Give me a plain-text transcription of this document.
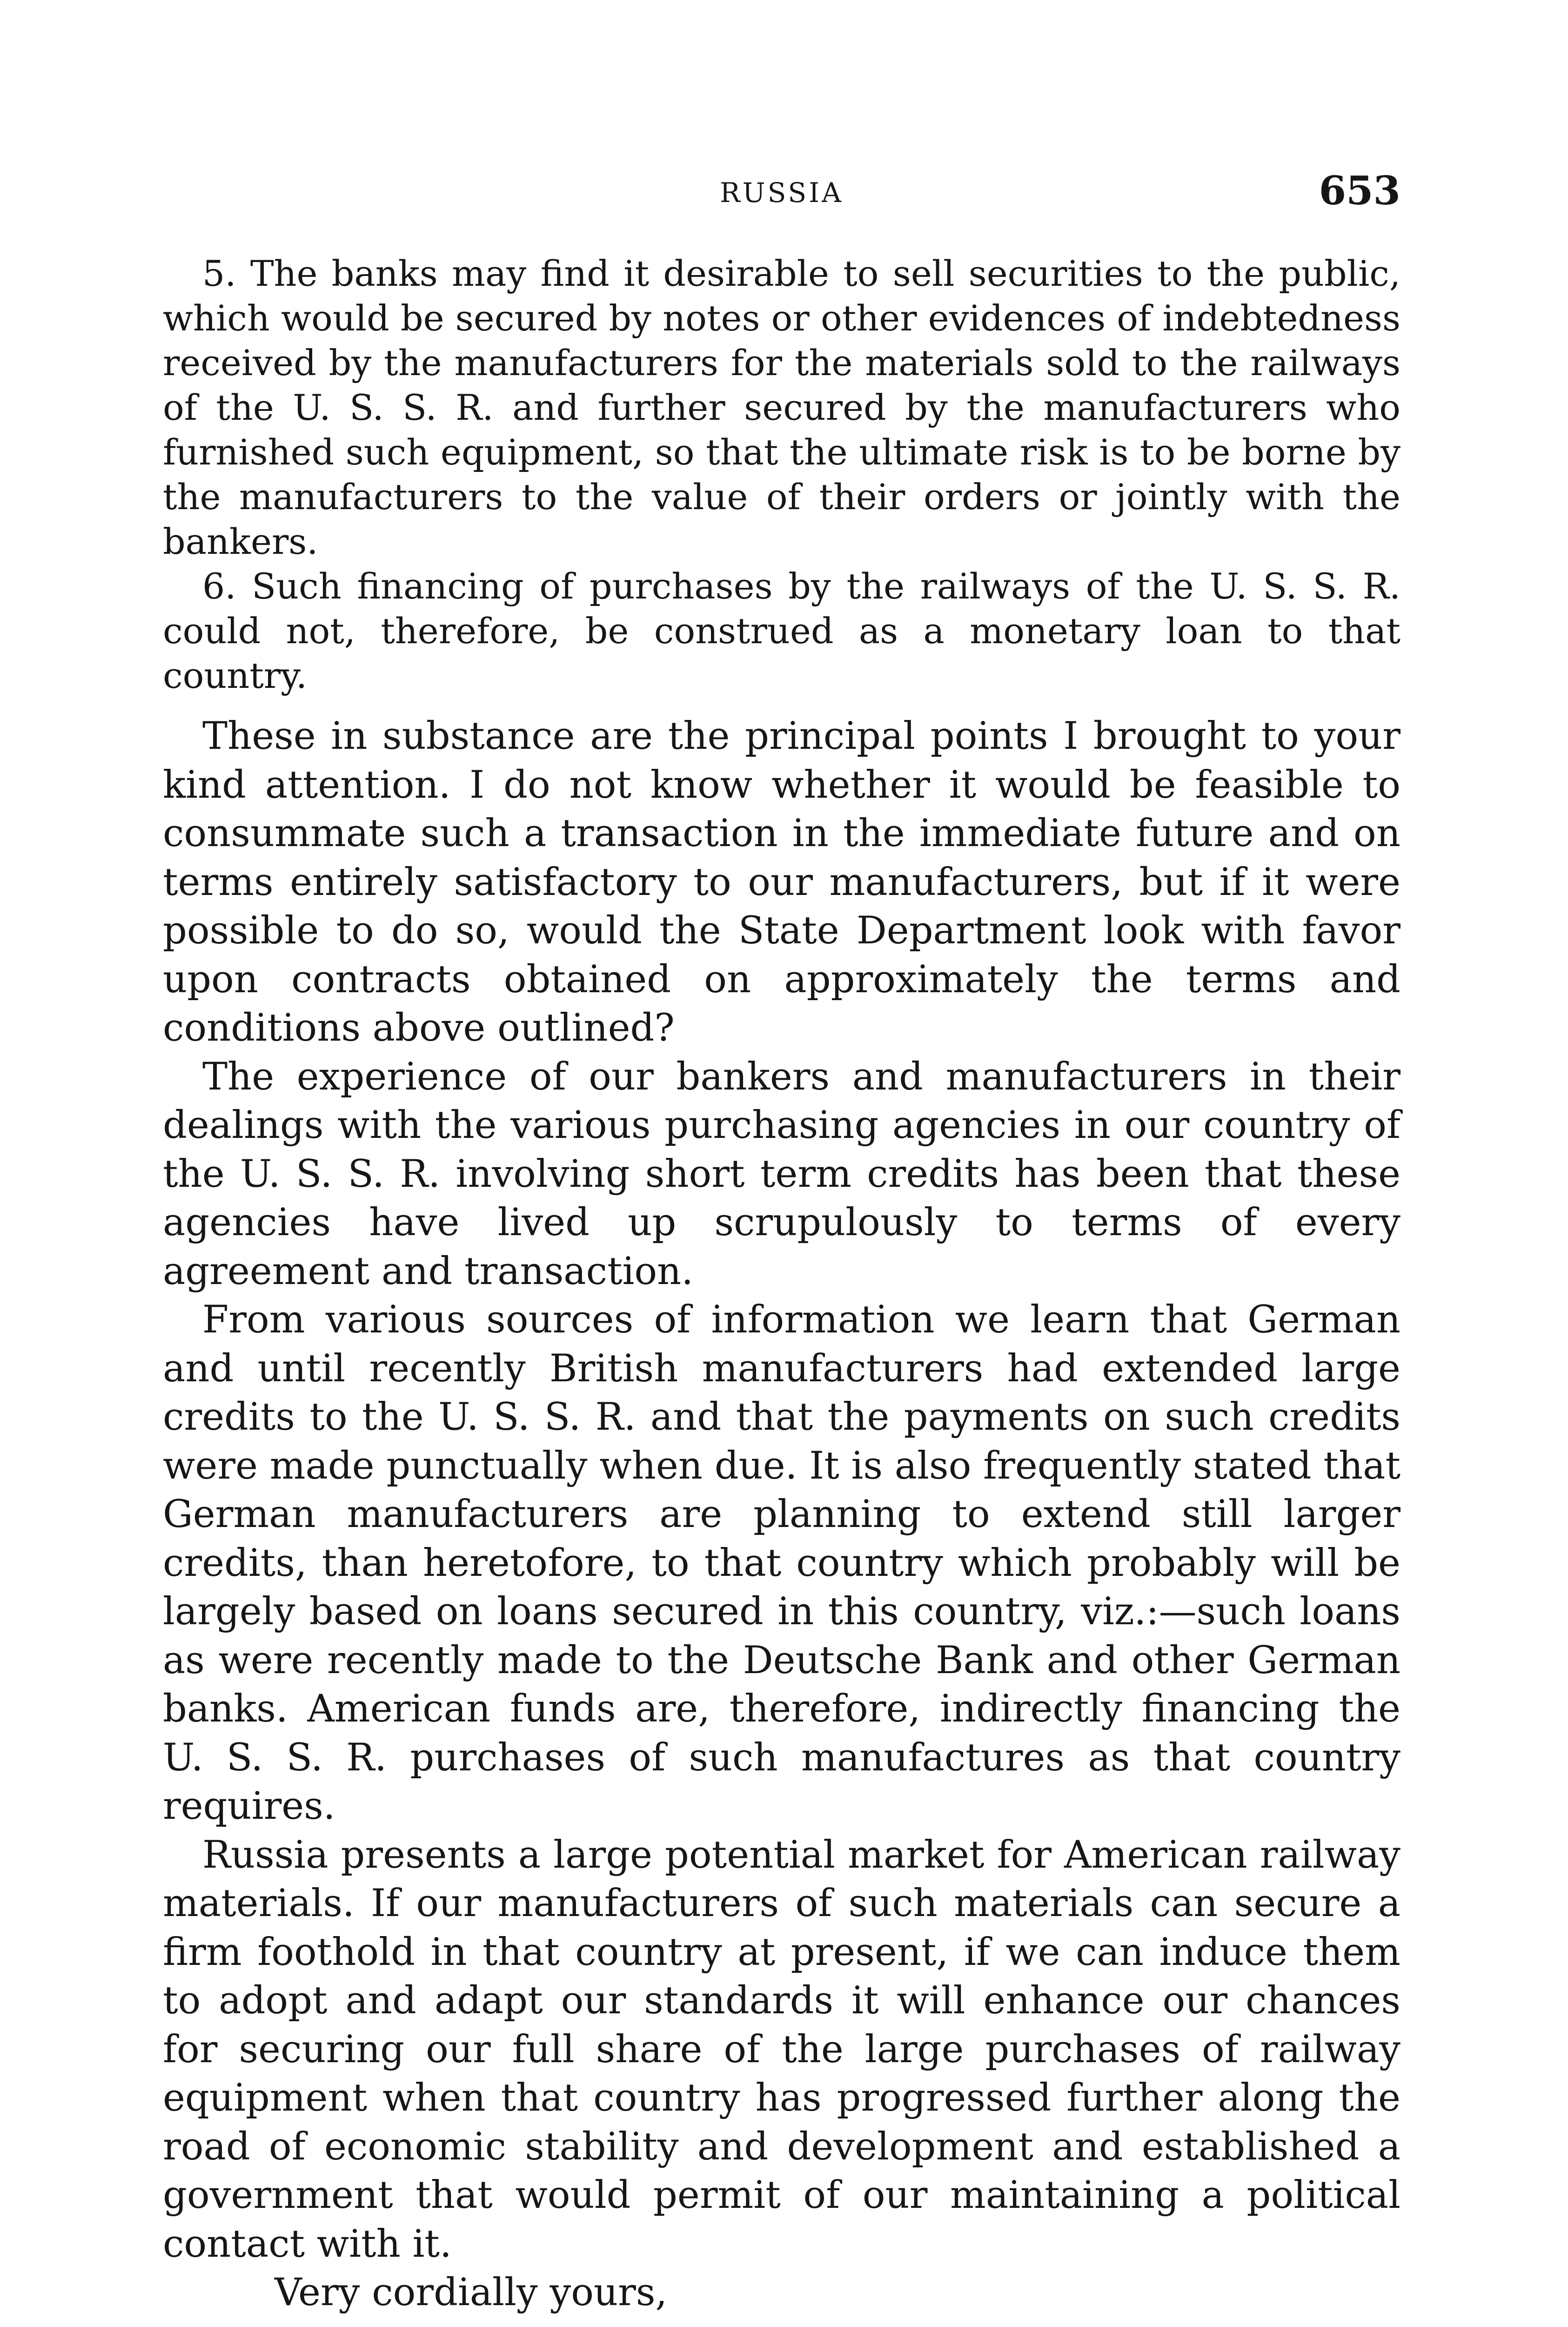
RUSSIA	653

5. The banks may find it desirable to sell securities to the public, which would be secured by notes or other evidences of indebtedness received by the manufacturers for the materials sold to the railways of the U. S. S. R. and further secured by the manufacturers who furnished such equipment, so that the ultimate risk is to be borne by the manufacturers to the value of their orders or jointly with the bankers.

6. Such financing of purchases by the railways of the U. S. S. R. could not, therefore, be construed as a monetary loan to that country.

These in substance are the principal points I brought to your kind attention. I do not know whether it would be feasible to consummate such a transaction in the immediate future and on terms entirely satisfactory to our manufacturers, but if it were possible to do so, would the State Department look with favor upon contracts obtained on approximately the terms and conditions above outlined?

The experience of our bankers and manufacturers in their dealings with the various purchasing agencies in our country of the U. S. S. R. involving short term credits has been that these agencies have lived up scrupulously to terms of every agreement and transaction.

From various sources of information we learn that German and until recently British manufacturers had extended large credits to the U. S. S. R. and that the payments on such credits were made punctually when due. It is also frequently stated that German manufacturers are planning to extend still larger credits, than heretofore, to that country which probably will be largely based on loans secured in this country, viz.:—such loans as were recently made to the Deutsche Bank and other German banks. American funds are, therefore, indirectly financing the U. S. S. R. purchases of such manufactures as that country requires.

Russia presents a large potential market for American railway materials. If our manufacturers of such materials can secure a firm foothold in that country at present, if we can induce them to adopt and adapt our standards it will enhance our chances for securing our full share of the large purchases of railway equipment when that country has progressed further along the road of economic stability and development and established a government that would permit of our maintaining a political contact with it.

Very cordially yours,
